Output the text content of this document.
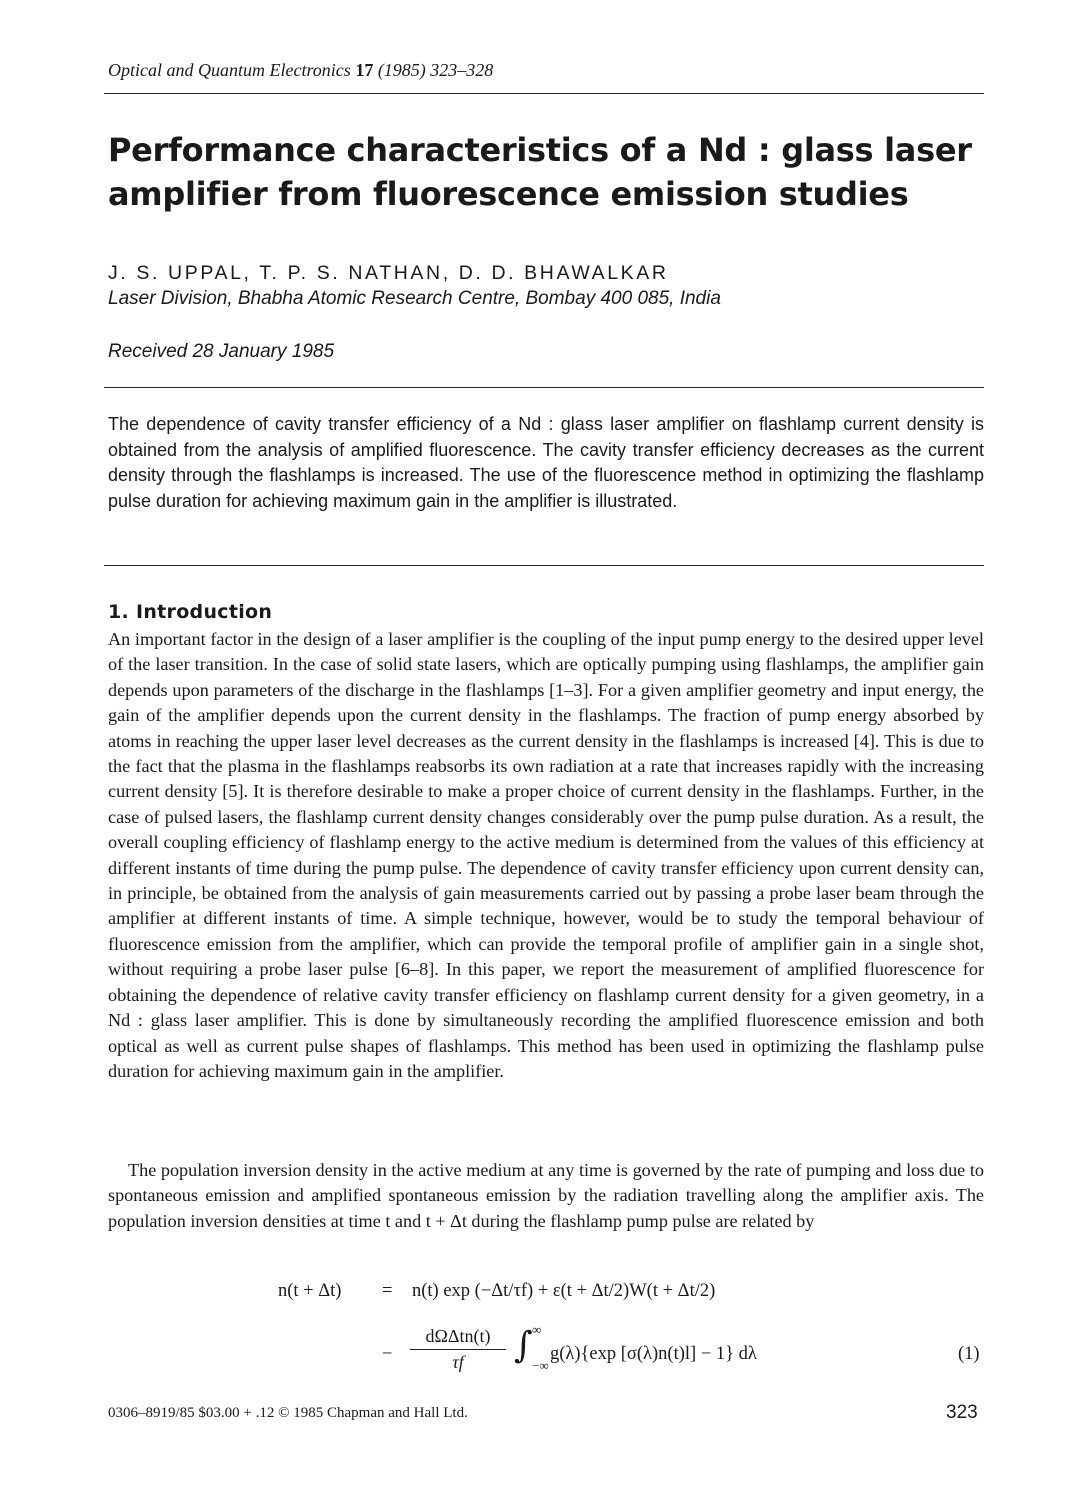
Optical and Quantum Electronics 17 (1985) 323–328
Performance characteristics of a Nd : glass laser amplifier from fluorescence emission studies
J. S. UPPAL, T. P. S. NATHAN, D. D. BHAWALKAR
Laser Division, Bhabha Atomic Research Centre, Bombay 400 085, India
Received 28 January 1985

The dependence of cavity transfer efficiency of a Nd : glass laser amplifier on flashlamp current density is obtained from the analysis of amplified fluorescence. The cavity transfer efficiency decreases as the current density through the flashlamps is increased. The use of the fluorescence method in optimizing the flashlamp pulse duration for achieving maximum gain in the amplifier is illustrated.

1. Introduction

An important factor in the design of a laser amplifier is the coupling of the input pump energy to the desired upper level of the laser transition. In the case of solid state lasers, which are optically pumping using flashlamps, the amplifier gain depends upon parameters of the discharge in the flashlamps [1–3]. For a given amplifier geometry and input energy, the gain of the amplifier depends upon the current density in the flashlamps. The fraction of pump energy absorbed by atoms in reaching the upper laser level decreases as the current density in the flashlamps is increased [4]. This is due to the fact that the plasma in the flashlamps reabsorbs its own radiation at a rate that increases rapidly with the increasing current density [5]. It is therefore desirable to make a proper choice of current density in the flashlamps. Further, in the case of pulsed lasers, the flashlamp current density changes considerably over the pump pulse duration. As a result, the overall coupling efficiency of flashlamp energy to the active medium is determined from the values of this efficiency at different instants of time during the pump pulse. The dependence of cavity transfer efficiency upon current density can, in principle, be obtained from the analysis of gain measurements carried out by passing a probe laser beam through the amplifier at different instants of time. A simple technique, however, would be to study the temporal behaviour of fluorescence emission from the amplifier, which can provide the temporal profile of amplifier gain in a single shot, without requiring a probe laser pulse [6–8]. In this paper, we report the measurement of amplified fluorescence for obtaining the dependence of relative cavity transfer efficiency on flashlamp current density for a given geometry, in a Nd : glass laser amplifier. This is done by simultaneously recording the amplified fluorescence emission and both optical as well as current pulse shapes of flashlamps. This method has been used in optimizing the flashlamp pulse duration for achieving maximum gain in the amplifier.

The population inversion density in the active medium at any time is governed by the rate of pumping and loss due to spontaneous emission and amplified spontaneous emission by the radiation travelling along the amplifier axis. The population inversion densities at time t and t + Δt during the flashlamp pump pulse are related by

n(t + Δt) = n(t) exp (−Δt/τf) + ε(t + Δt/2)W(t + Δt/2)
−
dΩΔtn(t)
τf	∫ ∞
−∞
g(λ){exp [σ(λ)n(t)l] − 1} dλ	(1)
0306–8919/85 $03.00 + .12 © 1985 Chapman and Hall Ltd.	323
